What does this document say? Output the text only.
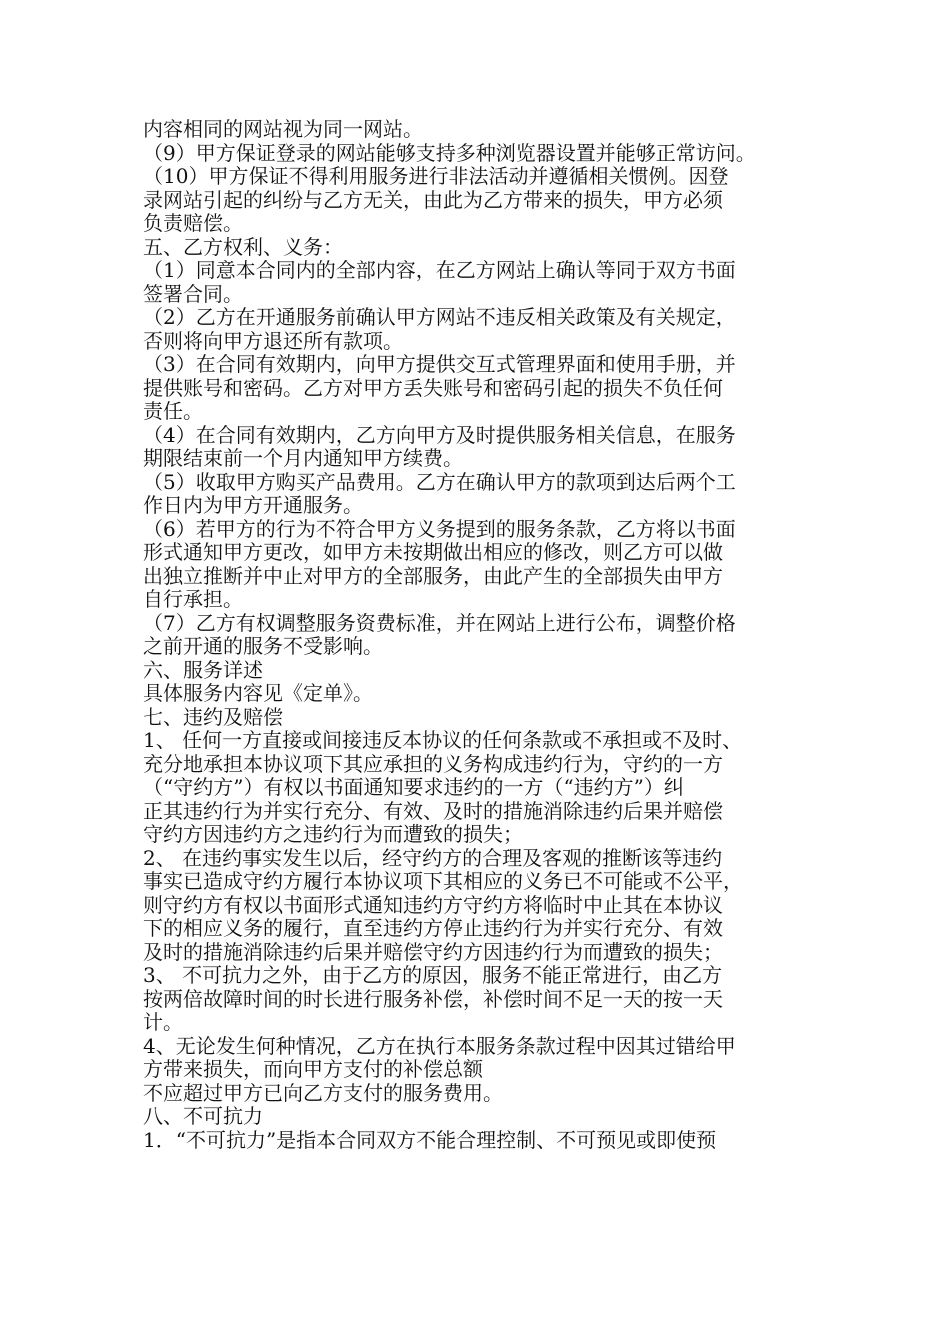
内容相同的网站视为同一网站。
（9）甲方保证登录的网站能够支持多种浏览器设置并能够正常访问。
（10）甲方保证不得利用服务进行非法活动并遵循相关惯例。因登
录网站引起的纠纷与乙方无关，由此为乙方带来的损失，甲方必须
负责赔偿。
五、乙方权利、义务：
（1）同意本合同内的全部内容，在乙方网站上确认等同于双方书面
签署合同。
（2）乙方在开通服务前确认甲方网站不违反相关政策及有关规定，
否则将向甲方退还所有款项。
（3）在合同有效期内，向甲方提供交互式管理界面和使用手册，并
提供账号和密码。乙方对甲方丢失账号和密码引起的损失不负任何
责任。
（4）在合同有效期内，乙方向甲方及时提供服务相关信息，在服务
期限结束前一个月内通知甲方续费。
（5）收取甲方购买产品费用。乙方在确认甲方的款项到达后两个工
作日内为甲方开通服务。
（6）若甲方的行为不符合甲方义务提到的服务条款，乙方将以书面
形式通知甲方更改，如甲方未按期做出相应的修改，则乙方可以做
出独立推断并中止对甲方的全部服务，由此产生的全部损失由甲方
自行承担。
（7）乙方有权调整服务资费标准，并在网站上进行公布，调整价格
之前开通的服务不受影响。
六、服务详述
具体服务内容见《定单》。
七、违约及赔偿
1、 任何一方直接或间接违反本协议的任何条款或不承担或不及时、
充分地承担本协议项下其应承担的义务构成违约行为，守约的一方
（“守约方”）有权以书面通知要求违约的一方（“违约方”）纠
正其违约行为并实行充分、有效、及时的措施消除违约后果并赔偿
守约方因违约方之违约行为而遭致的损失；
2、 在违约事实发生以后，经守约方的合理及客观的推断该等违约
事实已造成守约方履行本协议项下其相应的义务已不可能或不公平，
则守约方有权以书面形式通知违约方守约方将临时中止其在本协议
下的相应义务的履行，直至违约方停止违约行为并实行充分、有效
及时的措施消除违约后果并赔偿守约方因违约行为而遭致的损失；
3、 不可抗力之外，由于乙方的原因，服务不能正常进行，由乙方
按两倍故障时间的时长进行服务补偿，补偿时间不足一天的按一天
计。
4、无论发生何种情况，乙方在执行本服务条款过程中因其过错给甲
方带来损失，而向甲方支付的补偿总额
不应超过甲方已向乙方支付的服务费用。
八、不可抗力
1．“不可抗力”是指本合同双方不能合理控制、不可预见或即使预
